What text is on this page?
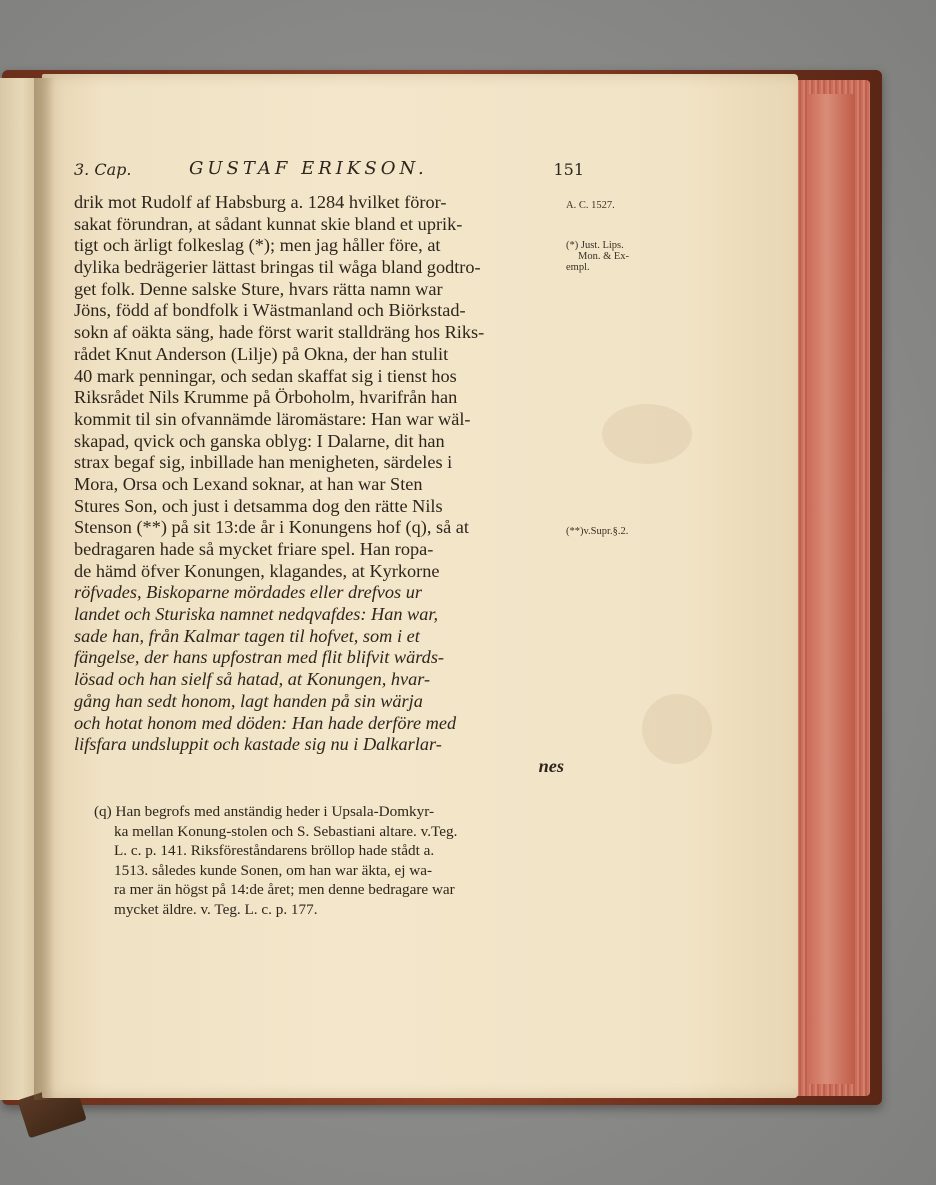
3. Cap.	GUSTAF ERIKSON.	151
drik mot Rudolf af Habsburg a. 1284 hvilket föror-
sakat förundran, at sådant kunnat skie bland et uprik-
tigt och ärligt folkeslag (*); men jag håller före, at
dylika bedrägerier lättast bringas til wåga bland godtro-
get folk. Denne salske Sture, hvars rätta namn war
Jöns, född af bondfolk i Wästmanland och Biörkstad-
sokn af oäkta säng, hade först warit stalldräng hos Riks-
rådet Knut Anderson (Lilje) på Okna, der han stulit
40 mark penningar, och sedan skaffat sig i tienst hos
Riksrådet Nils Krumme på Örboholm, hvarifrån han
kommit til sin ofvannämde läromästare: Han war wäl-
skapad, qvick och ganska oblyg: I Dalarne, dit han
strax begaf sig, inbillade han menigheten, särdeles i
Mora, Orsa och Lexand soknar, at han war Sten
Stures Son, och just i detsamma dog den rätte Nils
Stenson (**) på sit 13:de år i Konungens hof (q), så at
bedragaren hade så mycket friare spel. Han ropa-
de hämd öfver Konungen, klagandes, at Kyrkorne
röfvades, Biskoparne mördades eller drefvos ur
landet och Sturiska namnet nedqvafdes: Han war,
sade han, från Kalmar tagen til hofvet, som i et
fängelse, der hans upfostran med flit blifvit wärds-
lösad och han sielf så hatad, at Konungen, hvar-
gång han sedt honom, lagt handen på sin wärja
och hotat honom med döden: Han hade derföre med
lifsfara undsluppit och kastade sig nu i Dalkarlar-
nes
A. C. 1527.
(*) Just. Lips.
Mon. & Ex-
empl.
(**)v.Supr.§.2.
(q) Han begrofs med anständig heder i Upsala-Domkyr-
ka mellan Konung-stolen och S. Sebastiani altare. v.Teg.
L. c. p. 141. Riksföreståndarens bröllop hade stådt a.
1513. således kunde Sonen, om han war äkta, ej wa-
ra mer än högst på 14:de året; men denne bedragare war
mycket äldre. v. Teg. L. c. p. 177.
